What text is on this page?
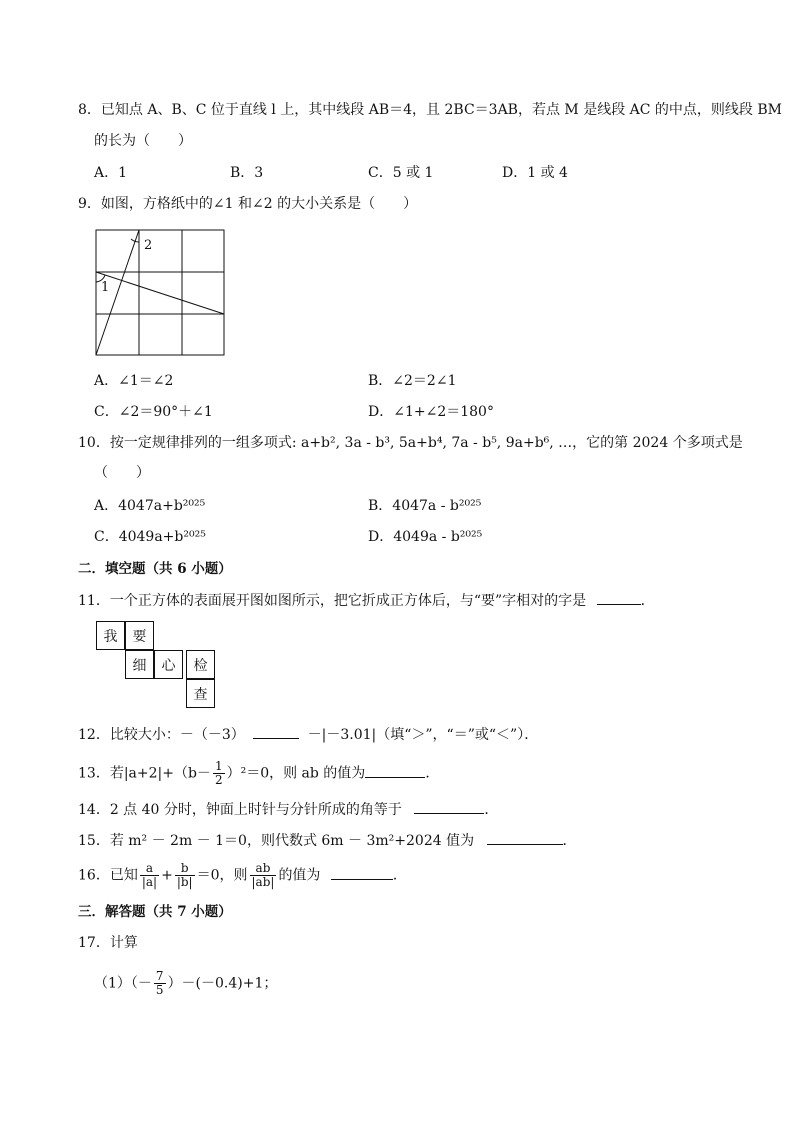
8．已知点 A、B、C 位于直线 l 上，其中线段 AB＝4，且 2BC＝3AB，若点 M 是线段 AC 的中点，则线段 BM
的长为（　　）
A．1	B．3	C．5 或 1	D．1 或 4
9．如图，方格纸中的∠1 和∠2 的大小关系是（　　）
2
1
A．∠1＝∠2	B．∠2＝2∠1
C．∠2＝90°＋∠1	D．∠1+∠2＝180°
10．按一定规律排列的一组多项式: a+b², 3a - b³, 5a+b⁴, 7a - b⁵, 9a+b⁶, …，它的第 2024 个多项式是
（　　）
A．4047a+b²⁰²⁵	B．4047a - b²⁰²⁵
C．4049a+b²⁰²⁵	D．4049a - b²⁰²⁵
二．填空题（共 6 小题）
11．一个正方体的表面展开图如图所示，把它折成正方体后，与“要”字相对的字是	．
我	要
细	心	检
查
12．比较大小：－（－3）	－|－3.01|（填“＞”，“＝”或“＜”）．
13．若$|a+2|+(b- \frac{1}{2} )^2=0$，则 ab 的值为	．
14．2 点 40 分时，钟面上时针与分针所成的角等于	．
15．若 m² － 2m － 1＝0，则代数式 6m － 3m²+2024 值为	．
16．已知 $\frac{a}{|a|} + \frac{b}{|b|} =0$，则 $\frac{ab}{|ab|}$ 的值为	．
三．解答题（共 7 小题）
17．计算
$(1)(- \frac{7}{5} )-(-0.4)+1$；
